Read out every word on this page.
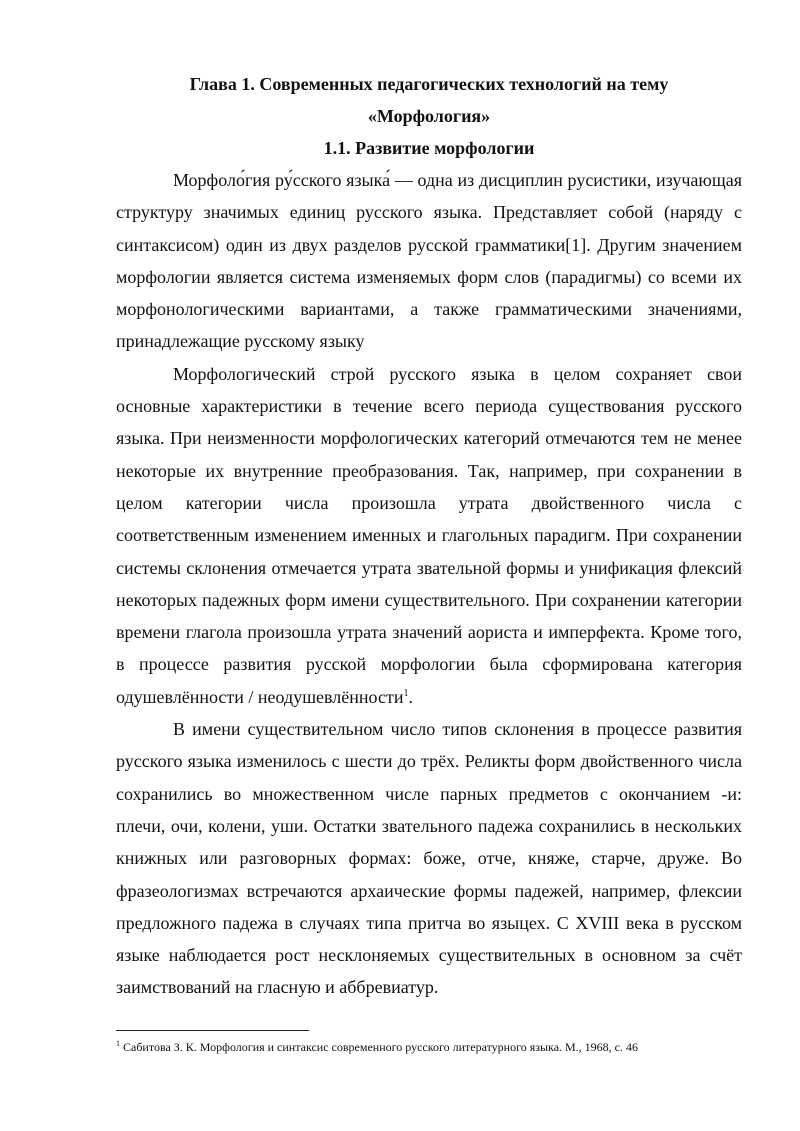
Глава 1. Современных педагогических технологий на тему
«Морфология»

1.1. Развитие морфологии

Морфоло́гия ру́сского языка́ — одна из дисциплин русистики, изучающая структуру значимых единиц русского языка. Представляет собой (наряду с синтаксисом) один из двух разделов русской грамматики[1]. Другим значением морфологии является система изменяемых форм слов (парадигмы) со всеми их морфонологическими вариантами, а также грамматическими значениями, принадлежащие русскому языку

Морфологический строй русского языка в целом сохраняет свои основные характеристики в течение всего периода существования русского языка. При неизменности морфологических категорий отмечаются тем не менее некоторые их внутренние преобразования. Так, например, при сохранении в целом категории числа произошла утрата двойственного числа с соответственным изменением именных и глагольных парадигм. При сохранении системы склонения отмечается утрата звательной формы и унификация флексий некоторых падежных форм имени существительного. При сохранении категории времени глагола произошла утрата значений аориста и имперфекта. Кроме того, в процессе развития русской морфологии была сформирована категория одушевлённости / неодушевлённости$^1$.

В имени существительном число типов склонения в процессе развития русского языка изменилось с шести до трёх. Реликты форм двойственного числа сохранились во множественном числе парных предметов с окончанием -и: плечи, очи, колени, уши. Остатки звательного падежа сохранились в нескольких книжных или разговорных формах: боже, отче, княже, старче, друже. Во фразеологизмах встречаются архаические формы падежей, например, флексии предложного падежа в случаях типа притча во языцех. С XVIII века в русском языке наблюдается рост несклоняемых существительных в основном за счёт заимствований на гласную и аббревиатур.

$^1$ Сабитова З. К. Морфология и синтаксис современного русского литературного языка. М., 1968, с. 46
